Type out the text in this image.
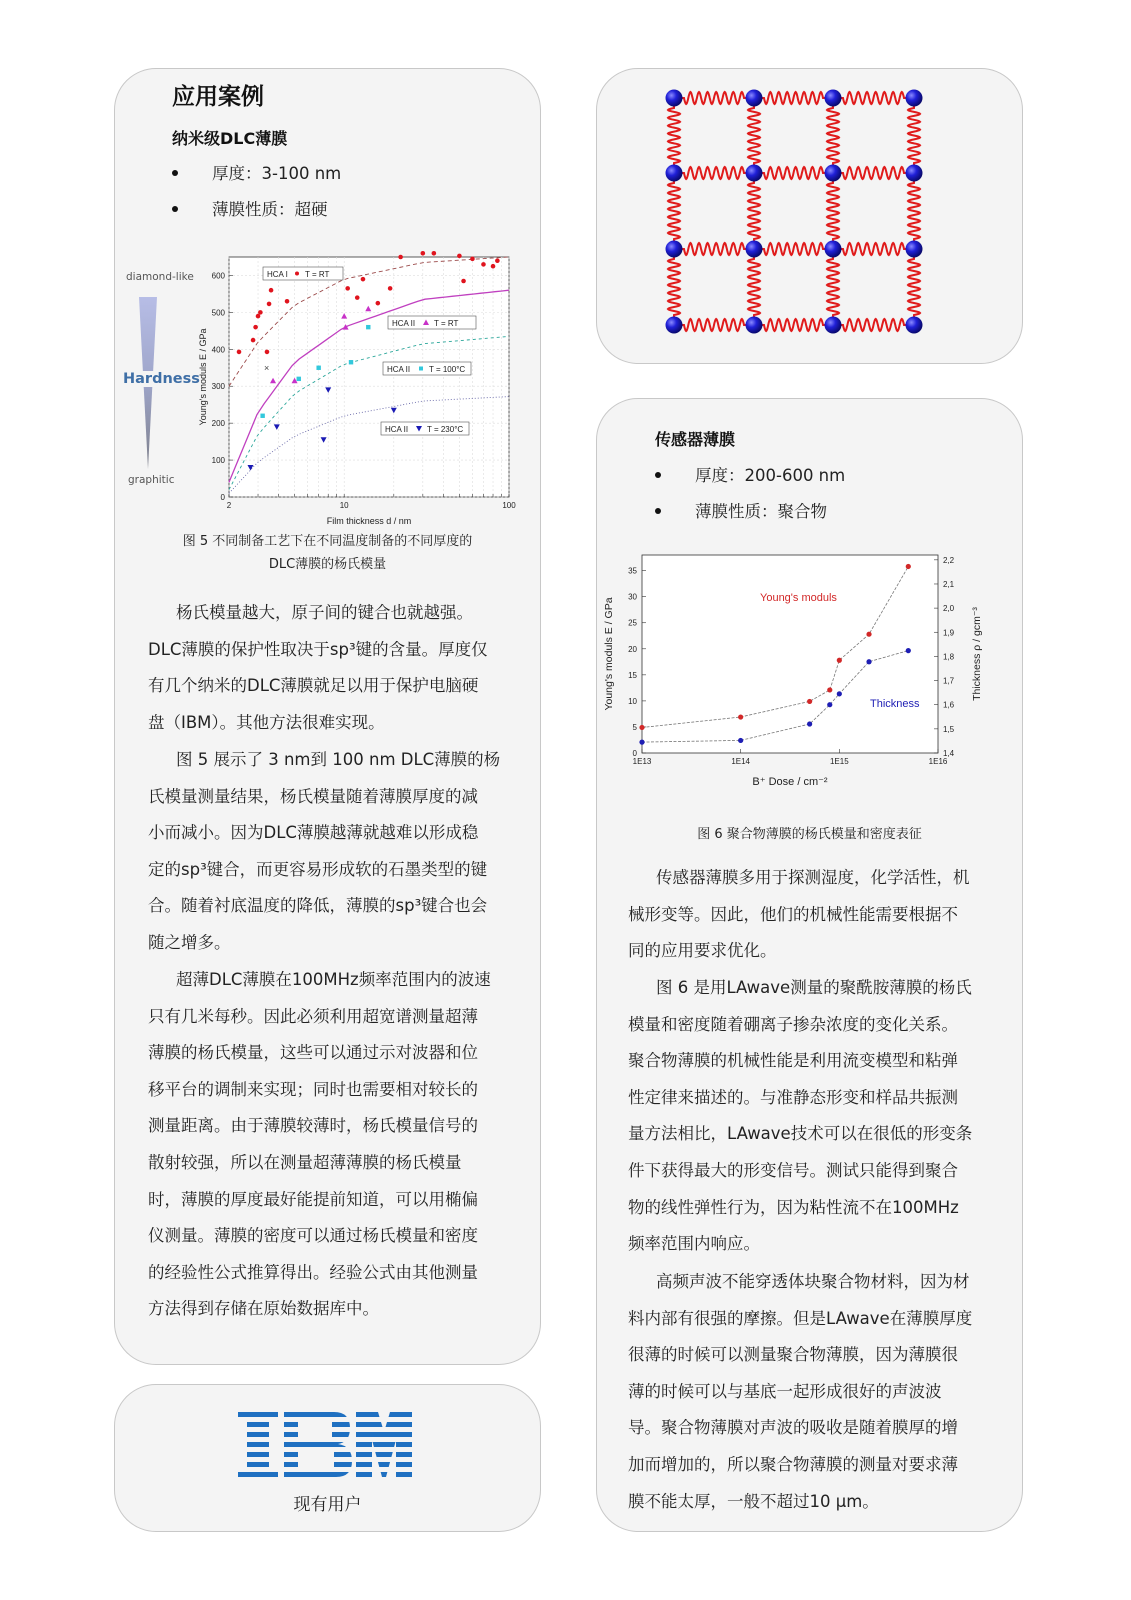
应用案例
纳米级DLC薄膜
厚度：3-100 nm
薄膜性质：超硬
diamond-like
Hardness
graphitic
0
100
200
300
400
500
600
2	10	100
Film thickness d / nm
Young's moduls E / GPa	×
HCA I T = RT
HCA II T = RT
HCA II T = 100°C
HCA II T = 230°C
图 5 不同制备工艺下在不同温度制备的不同厚度的
DLC薄膜的杨氏模量
杨氏模量越大，原子间的键合也就越强。
DLC薄膜的保护性取决于sp³键的含量。厚度仅
有几个纳米的DLC薄膜就足以用于保护电脑硬
盘（IBM）。其他方法很难实现。
图 5 展示了 3 nm到 100 nm DLC薄膜的杨
氏模量测量结果，杨氏模量随着薄膜厚度的减
小而减小。因为DLC薄膜越薄就越难以形成稳
定的sp³键合，而更容易形成软的石墨类型的键
合。随着衬底温度的降低，薄膜的sp³键合也会
随之增多。
超薄DLC薄膜在100MHz频率范围内的波速
只有几米每秒。因此必须利用超宽谱测量超薄
薄膜的杨氏模量，这些可以通过示对波器和位
移平台的调制来实现；同时也需要相对较长的
测量距离。由于薄膜较薄时，杨氏模量信号的
散射较强，所以在测量超薄薄膜的杨氏模量
时，薄膜的厚度最好能提前知道，可以用椭偏
仪测量。薄膜的密度可以通过杨氏模量和密度
的经验性公式推算得出。经验公式由其他测量
方法得到存储在原始数据库中。
现有用户
传感器薄膜
厚度：200-600 nm
薄膜性质：聚合物
0
5
10
15
20
25
30
35
1,4
1,5
1,6
1,7
1,8
1,9
2,0
2,1
2,2
1E13	1E14	1E15	1E16
B⁺ Dose / cm⁻²
Young's moduls E / GPa	Thickness ρ / gcm⁻³
Young's moduls
Thickness
图 6 聚合物薄膜的杨氏模量和密度表征
传感器薄膜多用于探测湿度，化学活性，机
械形变等。因此，他们的机械性能需要根据不
同的应用要求优化。
图 6 是用LAwave测量的聚酰胺薄膜的杨氏
模量和密度随着硼离子掺杂浓度的变化关系。
聚合物薄膜的机械性能是利用流变模型和粘弹
性定律来描述的。与准静态形变和样品共振测
量方法相比，LAwave技术可以在很低的形变条
件下获得最大的形变信号。测试只能得到聚合
物的线性弹性行为，因为粘性流不在100MHz
频率范围内响应。
高频声波不能穿透体块聚合物材料，因为材
料内部有很强的摩擦。但是LAwave在薄膜厚度
很薄的时候可以测量聚合物薄膜，因为薄膜很
薄的时候可以与基底一起形成很好的声波波
导。聚合物薄膜对声波的吸收是随着膜厚的增
加而增加的，所以聚合物薄膜的测量对要求薄
膜不能太厚，一般不超过10 µm。
